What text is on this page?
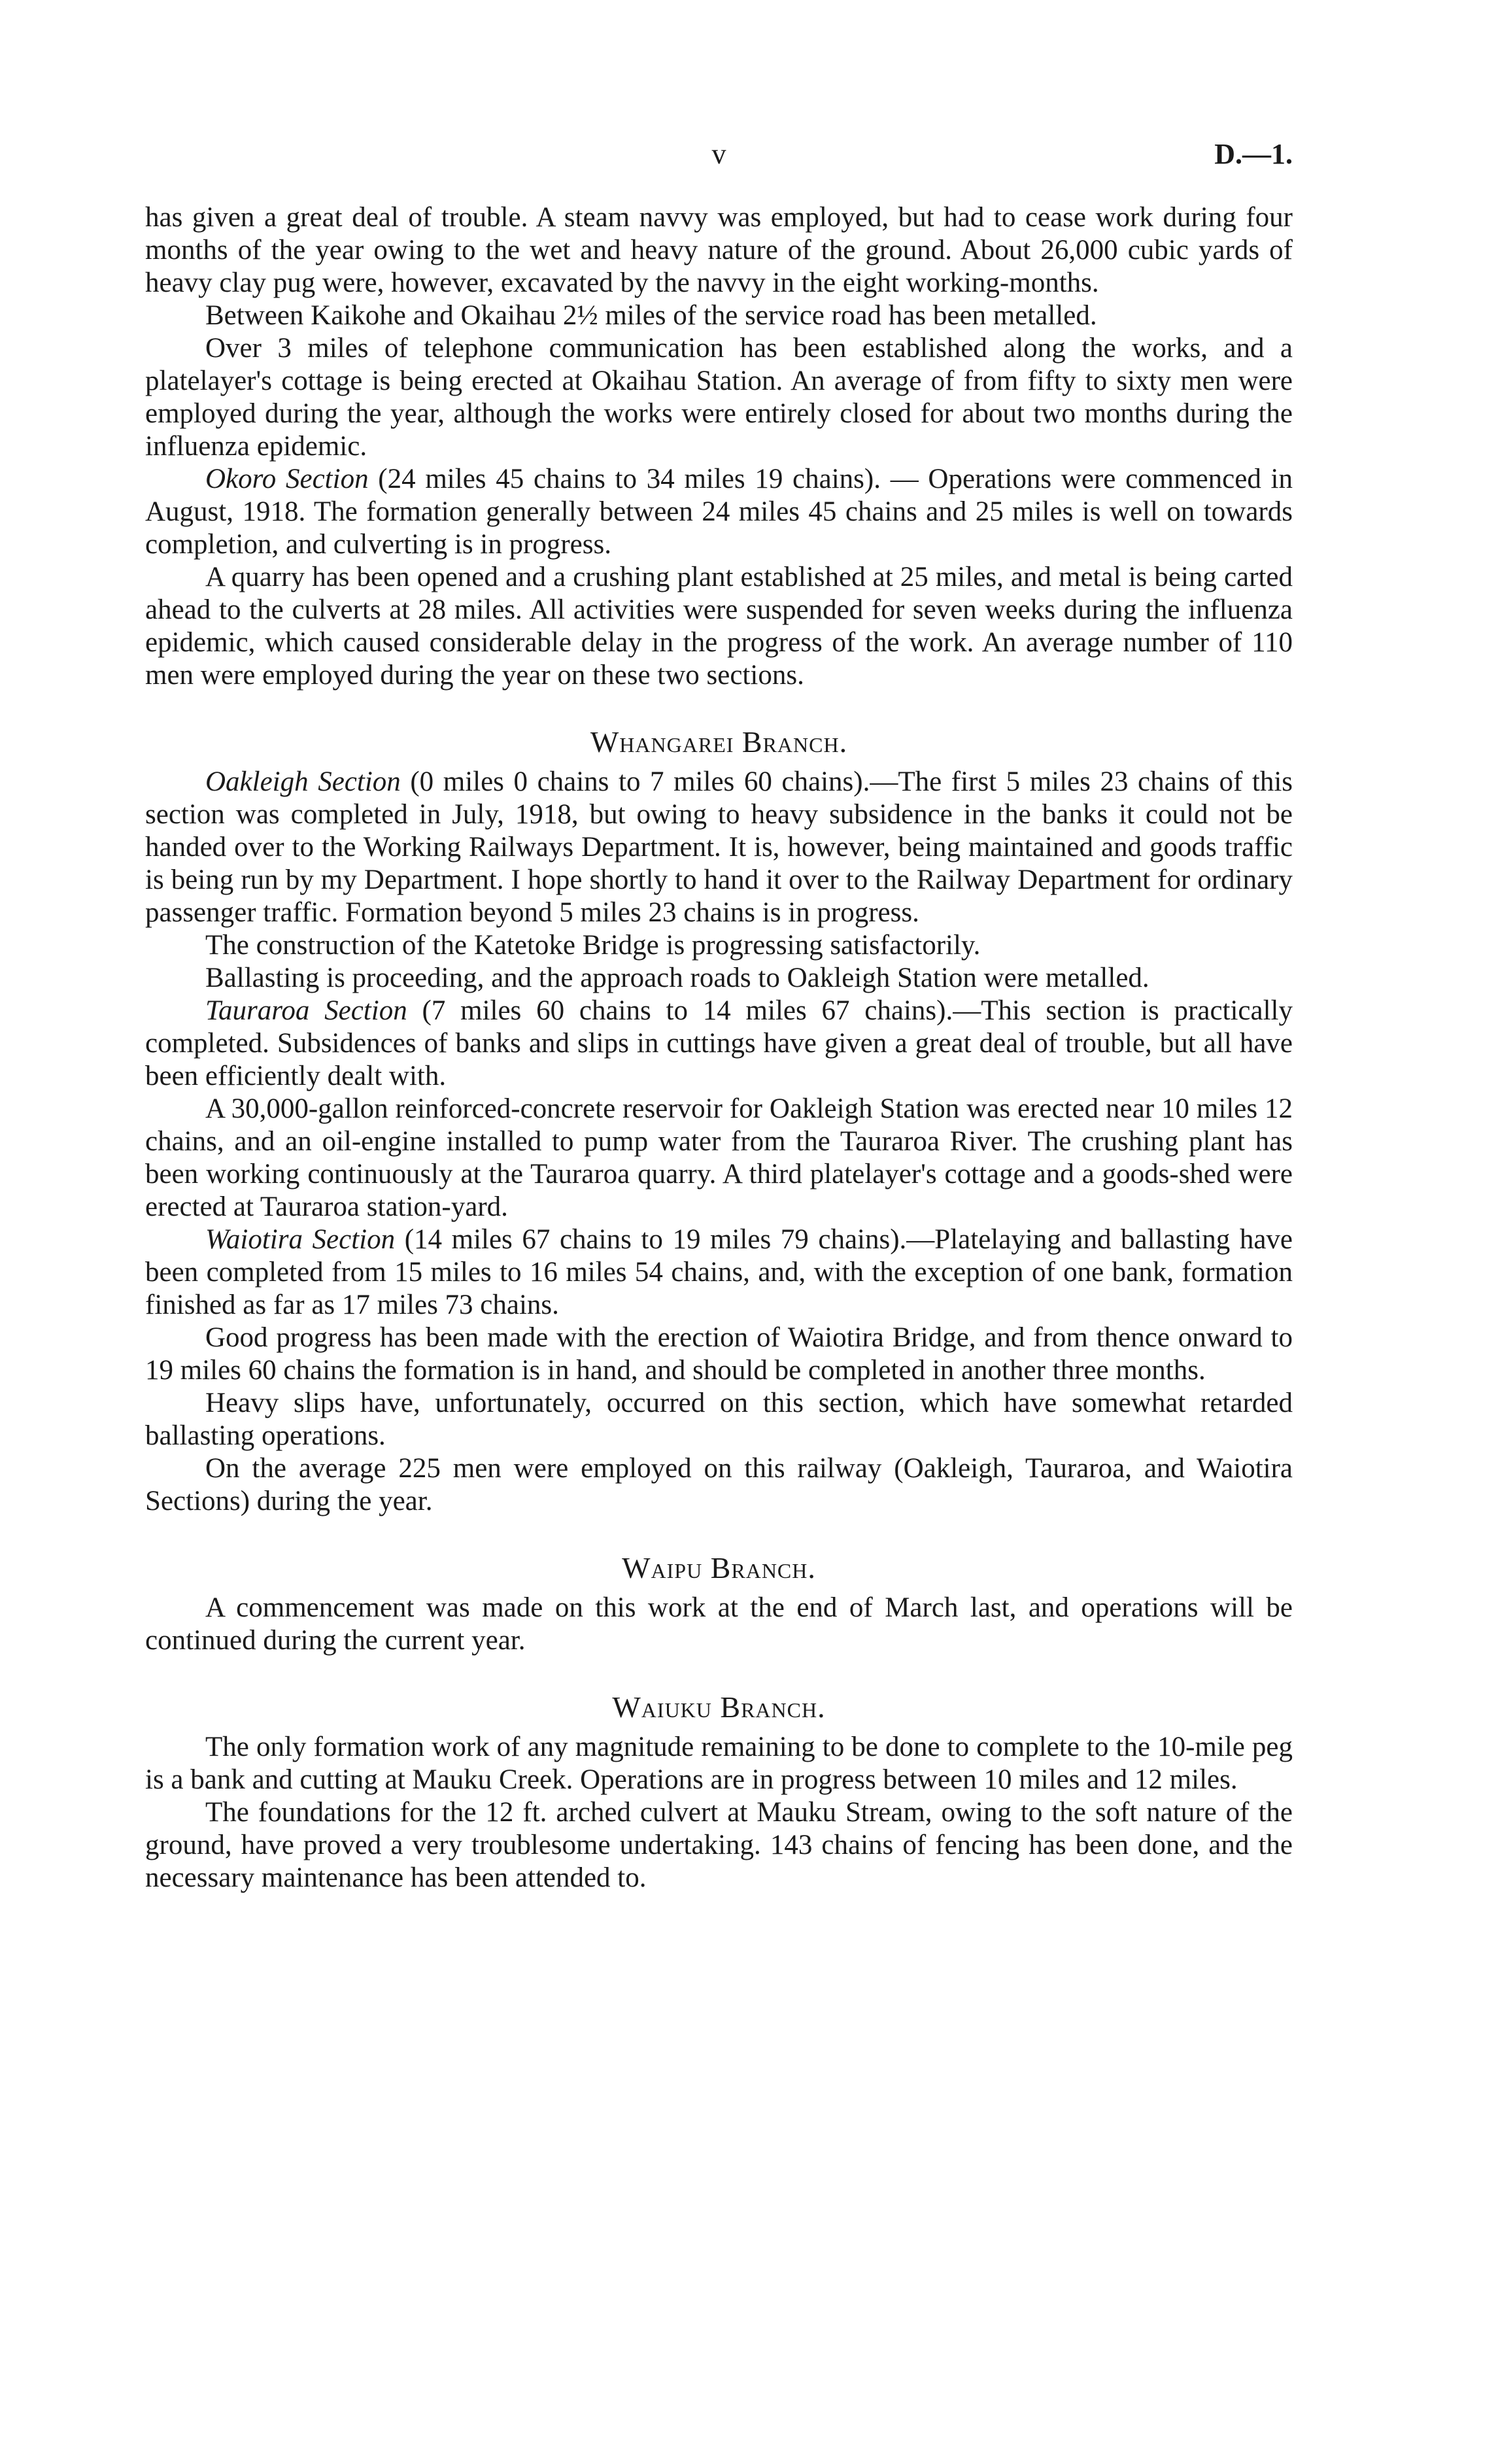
v	D.—1.

has given a great deal of trouble. A steam navvy was employed, but had to cease work during four months of the year owing to the wet and heavy nature of the ground. About 26,000 cubic yards of heavy clay pug were, however, excavated by the navvy in the eight working-months.

Between Kaikohe and Okaihau 2½ miles of the service road has been metalled.

Over 3 miles of telephone communication has been established along the works, and a platelayer's cottage is being erected at Okaihau Station. An average of from fifty to sixty men were employed during the year, although the works were entirely closed for about two months during the influenza epidemic.

Okoro Section (24 miles 45 chains to 34 miles 19 chains). — Operations were commenced in August, 1918. The formation generally between 24 miles 45 chains and 25 miles is well on towards completion, and culverting is in progress.

A quarry has been opened and a crushing plant established at 25 miles, and metal is being carted ahead to the culverts at 28 miles. All activities were suspended for seven weeks during the influenza epidemic, which caused considerable delay in the progress of the work. An average number of 110 men were employed during the year on these two sections.

Whangarei Branch.

Oakleigh Section (0 miles 0 chains to 7 miles 60 chains).—The first 5 miles 23 chains of this section was completed in July, 1918, but owing to heavy subsidence in the banks it could not be handed over to the Working Railways Department. It is, however, being maintained and goods traffic is being run by my Department. I hope shortly to hand it over to the Railway Department for ordinary passenger traffic. Formation beyond 5 miles 23 chains is in progress.

The construction of the Katetoke Bridge is progressing satisfactorily.

Ballasting is proceeding, and the approach roads to Oakleigh Station were metalled.

Tauraroa Section (7 miles 60 chains to 14 miles 67 chains).—This section is practically completed. Subsidences of banks and slips in cuttings have given a great deal of trouble, but all have been efficiently dealt with.

A 30,000-gallon reinforced-concrete reservoir for Oakleigh Station was erected near 10 miles 12 chains, and an oil-engine installed to pump water from the Tauraroa River. The crushing plant has been working continuously at the Tauraroa quarry. A third platelayer's cottage and a goods-shed were erected at Tauraroa station-yard.

Waiotira Section (14 miles 67 chains to 19 miles 79 chains).—Platelaying and ballasting have been completed from 15 miles to 16 miles 54 chains, and, with the exception of one bank, formation finished as far as 17 miles 73 chains.

Good progress has been made with the erection of Waiotira Bridge, and from thence onward to 19 miles 60 chains the formation is in hand, and should be completed in another three months.

Heavy slips have, unfortunately, occurred on this section, which have somewhat retarded ballasting operations.

On the average 225 men were employed on this railway (Oakleigh, Tauraroa, and Waiotira Sections) during the year.

Waipu Branch.

A commencement was made on this work at the end of March last, and operations will be continued during the current year.

Waiuku Branch.

The only formation work of any magnitude remaining to be done to complete to the 10-mile peg is a bank and cutting at Mauku Creek. Operations are in progress between 10 miles and 12 miles.

The foundations for the 12 ft. arched culvert at Mauku Stream, owing to the soft nature of the ground, have proved a very troublesome undertaking. 143 chains of fencing has been done, and the necessary maintenance has been attended to.
